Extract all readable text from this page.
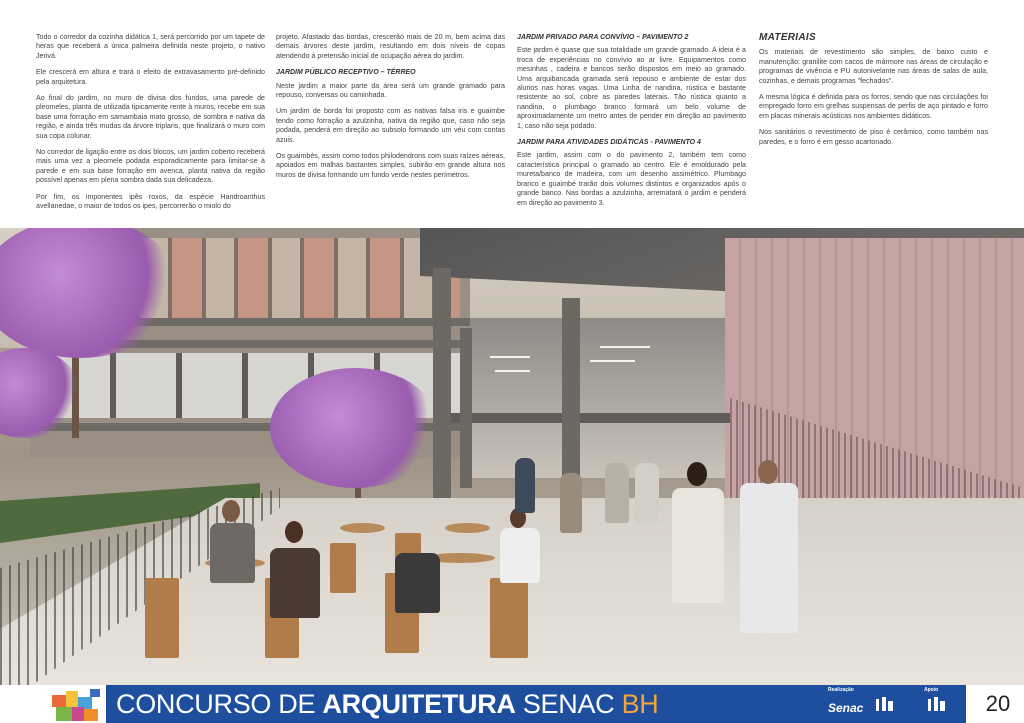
Todo o corredor da cozinha didática 1, será percorrido por um tapete de heras que receberá a única palmeira definida neste projeto, o nativo Jerivá.

Ele crescerá em altura e trará o efeito de extravasamento pré-definido pela arquitetura.

Ao final do jardim, no muro de divisa dos fundos, uma parede de pleomeles, planta de utilizada tipicamente rente à muros, recebe em sua base uma forração em samambaia mato grosso, de sombra e nativa da região, e ainda três mudas da árvore triplaris, que finalizará o muro com sua copa colunar.

No corredor de ligação entre os dois blocos, um jardim coberto receberá mais uma vez a pleomele podada esporadicamente para limitar-se à parede e em sua base forração em avenca, planta nativa da região possível apenas em plena sombra dada sua delicadeza.

Por fim, os imponentes ipês roxos, da espécie Handroanthus avellanedae, o maior de todos os ipes, percorrerão o miolo do

projeto. Afastado das bordas, crescerão mais de 20 m, bem acima das demais árvores deste jardim, resultando em dois níveis de copas atendendo à pretensão inicial de ocupação aérea do jardim.

JARDIM PÚBLICO RECEPTIVO – TÉRREO

Neste jardim a maior parte da área será um grande gramado para repouso, conversas ou caminhada.

Um jardim de borda foi proposto com as nativas falsa iris e guaimbe tendo como forração a azulzinha, nativa da região que, caso não seja podada, penderá em direção ao subsolo formando um véu com contas azuis.

Os guaimbés, assim como todos philodendrons com suas raízes aéreas, apoiados em malhas bastantes simples, subirão em grande altura nos muros de divisa formando um fundo verde nestes perímetros.

JARDIM PRIVADO PARA CONVÍVIO – PAVIMENTO 2

Este jardim é quase que sua totalidade um grande gramado. A ideia é a troca de experiências no convívio ao ar livre. Equipamentos como mesinhas , cadeira e bancos serão dispostos em meio ao gramado. Uma arquibancada gramada será repouso e ambiente de estar dos alunos nas horas vagas. Uma Linha de nandina, rústica e bastante resistente ao sol, cobre as paredes laterais. Tão rústica quanto a nandina, o plumbago branco formará um belo volume de aproximadamente um metro antes de pender em direção ao pavimento 1, caso não seja podado.

JARDIM PARA ATIVIDADES DIDÁTICAS - PAVIMENTO 4

Este jardim, assim com o do pavimento 2, também tem como característica principal o gramado ao centro. Ele é emoldurado pela mureta/banco de madeira, com um desenho assimétrico. Plumbago branco e guaimbé trarão dois volumes distintos e organizados após o grande banco. Nas bordas a azulzinha, arrematará o jardim e penderá em direção ao pavimento 3.

MATERIAIS

Os materiais de revestimento são simples, de baixo custo e manutenção: granilite com cacos de mármore nas áreas de circulação e programas de vivência e PU autonivelante nas áreas de salas de aula, cozinhas, e demais programas "fechados".

A mesma lógica é definida para os forros, sendo que nas circulações foi empregado forro em grelhas suspensas de perfis de aço pintado e forro em placas minerais acústicas nos ambientes didáticos.

Nos sanitários o revestimento de piso é cerâmico, como também nas paredes, e o forro é em gesso acartonado.

CONCURSO DE ARQUITETURA SENAC BH	Realização
Senac
Apoio
20
